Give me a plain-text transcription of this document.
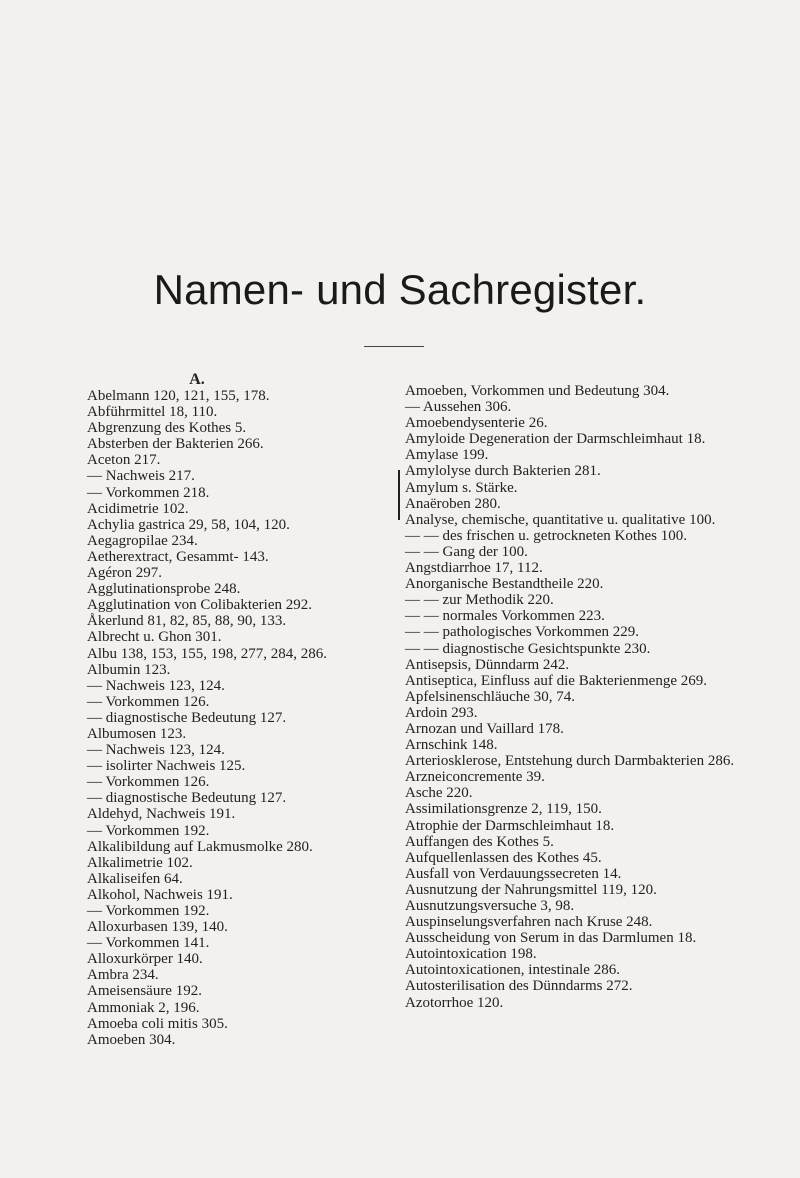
Namen- und Sachregister.
A.
Abelmann 120, 121, 155, 178.
Abführmittel 18, 110.
Abgrenzung des Kothes 5.
Absterben der Bakterien 266.
Aceton 217.
— Nachweis 217.
— Vorkommen 218.
Acidimetrie 102.
Achylia gastrica 29, 58, 104, 120.
Aegagropilae 234.
Aetherextract, Gesammt- 143.
Agéron 297.
Agglutinationsprobe 248.
Agglutination von Colibakterien 292.
Åkerlund 81, 82, 85, 88, 90, 133.
Albrecht u. Ghon 301.
Albu 138, 153, 155, 198, 277, 284, 286.
Albumin 123.
— Nachweis 123, 124.
— Vorkommen 126.
— diagnostische Bedeutung 127.
Albumosen 123.
— Nachweis 123, 124.
— isolirter Nachweis 125.
— Vorkommen 126.
— diagnostische Bedeutung 127.
Aldehyd, Nachweis 191.
— Vorkommen 192.
Alkalibildung auf Lakmusmolke 280.
Alkalimetrie 102.
Alkaliseifen 64.
Alkohol, Nachweis 191.
— Vorkommen 192.
Alloxurbasen 139, 140.
— Vorkommen 141.
Alloxurkörper 140.
Ambra 234.
Ameisensäure 192.
Ammoniak 2, 196.
Amoeba coli mitis 305.
Amoeben 304.
Amoeben, Vorkommen und Bedeutung 304.
— Aussehen 306.
Amoebendysenterie 26.
Amyloide Degeneration der Darmschleimhaut 18.
Amylase 199.
Amylolyse durch Bakterien 281.
Amylum s. Stärke.
Anaëroben 280.
Analyse, chemische, quantitative u. qualitative 100.
— — des frischen u. getrockneten Kothes 100.
— — Gang der 100.
Angstdiarrhoe 17, 112.
Anorganische Bestandtheile 220.
— — zur Methodik 220.
— — normales Vorkommen 223.
— — pathologisches Vorkommen 229.
— — diagnostische Gesichtspunkte 230.
Antisepsis, Dünndarm 242.
Antiseptica, Einfluss auf die Bakterienmenge 269.
Apfelsinenschläuche 30, 74.
Ardoin 293.
Arnozan und Vaillard 178.
Arnschink 148.
Arteriosklerose, Entstehung durch Darmbakterien 286.
Arzneiconcremente 39.
Asche 220.
Assimilationsgrenze 2, 119, 150.
Atrophie der Darmschleimhaut 18.
Auffangen des Kothes 5.
Aufquellenlassen des Kothes 45.
Ausfall von Verdauungssecreten 14.
Ausnutzung der Nahrungsmittel 119, 120.
Ausnutzungsversuche 3, 98.
Auspinselungsverfahren nach Kruse 248.
Ausscheidung von Serum in das Darmlumen 18.
Autointoxication 198.
Autointoxicationen, intestinale 286.
Autosterilisation des Dünndarms 272.
Azotorrhoe 120.
